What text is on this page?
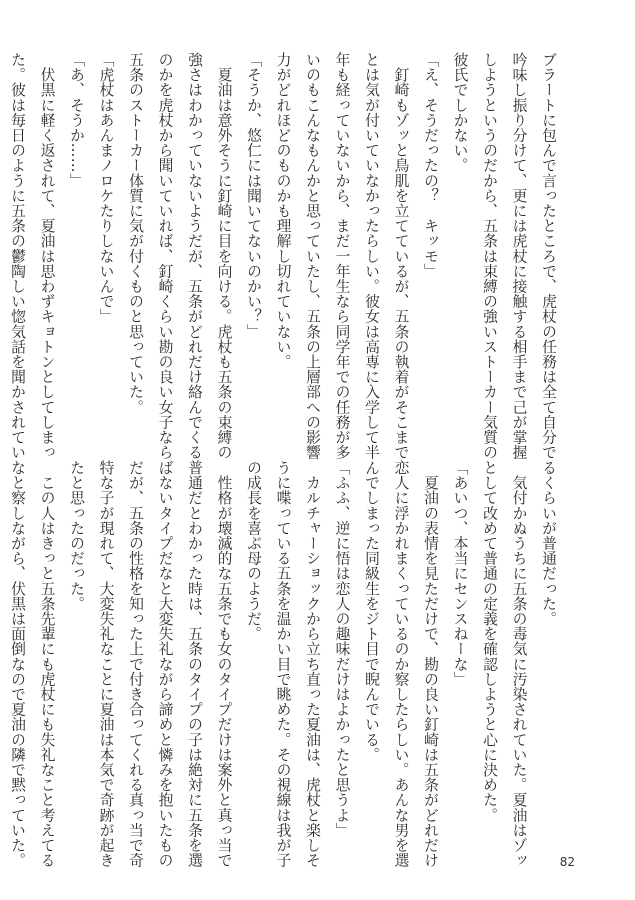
ブラートに包んで言ったところで、虎杖の任務は全て自分で
吟味し振り分けて、更には虎杖に接触する相手まで己が掌握
しようというのだから、五条は束縛の強いストーカー気質の
彼氏でしかない。
「え、そうだったの？　キッモ」
　釘崎もゾッと鳥肌を立てているが、五条の執着がそこまで
とは気が付いていなかったらしい。彼女は高専に入学して半
年も経っていないから、まだ一年生なら同学年での任務が多
いのもこんなもんかと思っていたし、五条の上層部への影響
力がどれほどのものかも理解し切れていない。
「そうか、悠仁には聞いてないのかい？」
　夏油は意外そうに釘崎に目を向ける。虎杖も五条の束縛の
強さはわかっていないようだが、五条がどれだけ絡んでくる
のかを虎杖から聞いていれば、釘崎くらい勘の良い女子なら
五条のストーカー体質に気が付くものと思っていた。
「虎杖はあんまノロケたりしないんで」
「あ、そうか……」
　伏黒に軽く返されて、夏油は思わずキョトンとしてしまっ
た。彼は毎日のように五条の鬱陶しい惚気話を聞かされてい
るくらいが普通だった。
　気付かぬうちに五条の毒気に汚染されていた。夏油はゾッ
として改めて普通の定義を確認しようと心に決めた。
「あいつ、本当にセンスねーな」
　夏油の表情を見ただけで、勘の良い釘崎は五条がどれだけ
恋人に浮かれまくっているのか察したらしい。あんな男を選
んでしまった同級生をジト目で睨んでいる。
「ふふ、逆に悟は恋人の趣味だけはよかったと思うよ」
　カルチャーショックから立ち直った夏油は、虎杖と楽しそ
うに喋っている五条を温かい目で眺めた。その視線は我が子
の成長を喜ぶ母のようだ。
　性格が壊滅的な五条でも女のタイプだけは案外と真っ当で
普通だとわかった時は、五条のタイプの子は絶対に五条を選
ばないタイプだなと大変失礼ながら諦めと憐みを抱いたもの
だが、五条の性格を知った上で付き合ってくれる真っ当で奇
特な子が現れて、大変失礼なことに夏油は本気で奇跡が起き
たと思ったのだった。
　この人はきっと五条先輩にも虎杖にも失礼なこと考えてる
なと察しながら、伏黒は面倒なので夏油の隣で黙っていた。	82
